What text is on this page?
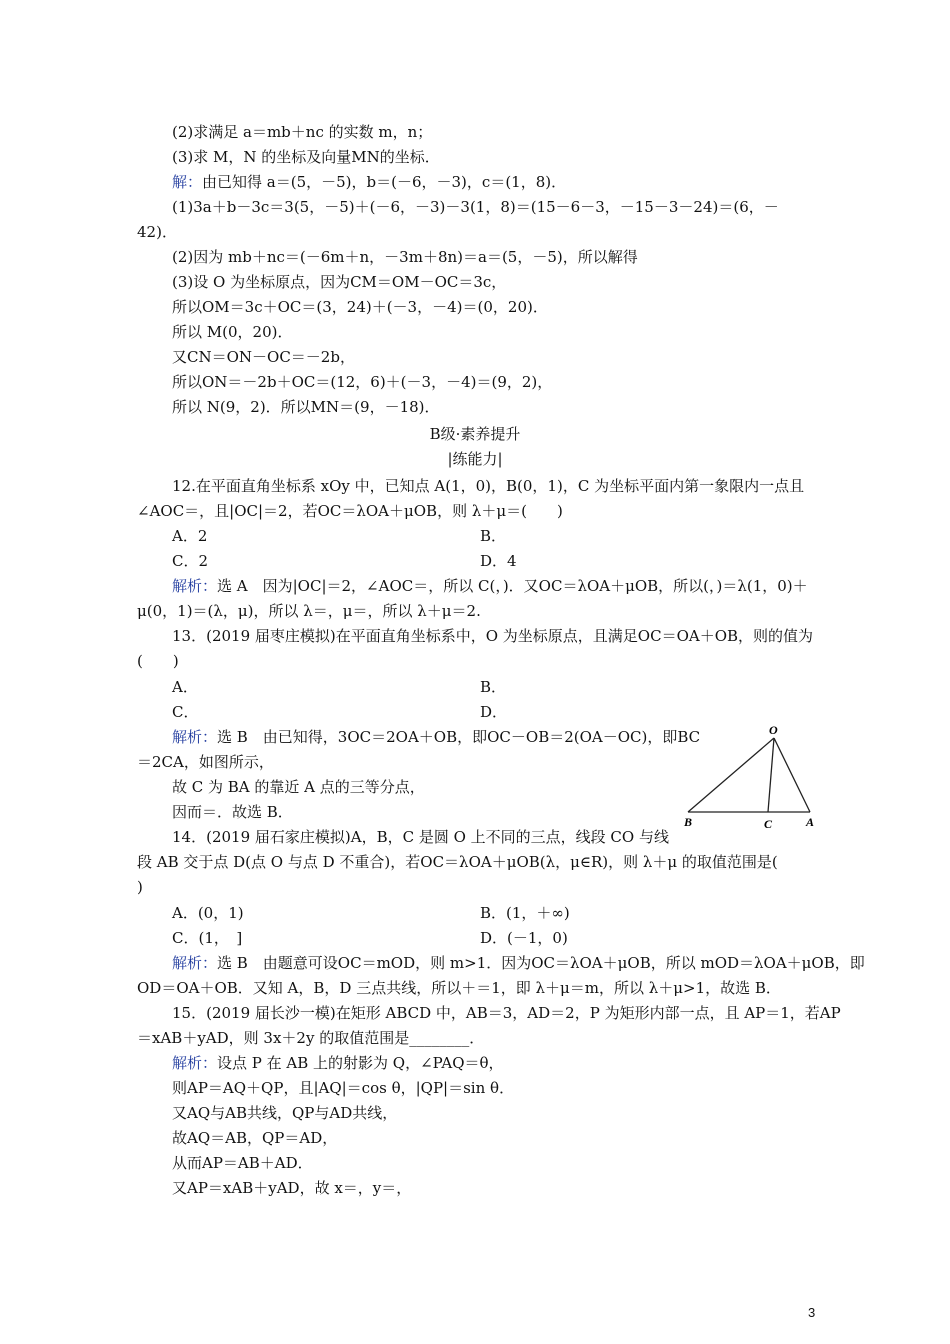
(2)求满足 a＝mb＋nc 的实数 m，n；
(3)求 M，N 的坐标及向量MN的坐标．
解：由已知得 a＝(5，－5)，b＝(－6，－3)，c＝(1，8)．
(1)3a＋b－3c＝3(5，－5)＋(－6，－3)－3(1，8)＝(15－6－3，－15－3－24)＝(6，－
42)．
(2)因为 mb＋nc＝(－6m＋n，－3m＋8n)＝a＝(5，－5)，所以解得
(3)设 O 为坐标原点，因为CM＝OM－OC＝3c，
所以OM＝3c＋OC＝(3，24)＋(－3，－4)＝(0，20)．
所以 M(0，20)．
又CN＝ON－OC＝－2b，
所以ON＝－2b＋OC＝(12，6)＋(－3，－4)＝(9，2)，
所以 N(9，2)．所以MN＝(9，－18)．
12.在平面直角坐标系 xOy 中，已知点 A(1，0)，B(0，1)，C 为坐标平面内第一象限内一点且
∠AOC＝，且|OC|＝2，若OC＝λOA＋μOB，则 λ＋μ＝(　　)
解析：选 A　因为|OC|＝2，∠AOC＝，所以 C(，)．又OC＝λOA＋μOB，所以(，)＝λ(1，0)＋
μ(0，1)＝(λ，μ)，所以 λ＝，μ＝，所以 λ＋μ＝2.
13．(2019 届枣庄模拟)在平面直角坐标系中，O 为坐标原点，且满足OC＝OA＋OB，则的值为
(　　)
解析：选 B　由已知得，3OC＝2OA＋OB，即OC－OB＝2(OA－OC)，即BC
＝2CA，如图所示，
故 C 为 BA 的靠近 A 点的三等分点，
因而＝．故选 B．
14．(2019 届石家庄模拟)A，B，C 是圆 O 上不同的三点，线段 CO 与线
段 AB 交于点 D(点 O 与点 D 不重合)，若OC＝λOA＋μOB(λ，μ∈R)，则 λ＋μ 的取值范围是(
)
解析：选 B　由题意可设OC＝mOD，则 m>1．因为OC＝λOA＋μOB，所以 mOD＝λOA＋μOB，即
OD＝OA＋OB．又知 A，B，D 三点共线，所以＋＝1，即 λ＋μ＝m，所以 λ＋μ>1，故选 B．
15．(2019 届长沙一模)在矩形 ABCD 中，AB＝3，AD＝2，P 为矩形内部一点，且 AP＝1，若AP
＝xAB＋yAD，则 3x＋2y 的取值范围是________．
解析：设点 P 在 AB 上的射影为 Q，∠PAQ＝θ，
则AP＝AQ＋QP，且|AQ|＝cos θ，|QP|＝sin θ．
又AQ与AB共线，QP与AD共线，
故AQ＝AB，QP＝AD，
从而AP＝AB＋AD．
又AP＝xAB＋yAD，故 x＝，y＝，
A．2	B．
C．2	D．4
A．	B．
C．	D．
A．(0，1)	B．(1，＋∞)
C．(1，　]	D．(－1，0)
B级·素养提升
|练能力|
O
B	C	A
3
